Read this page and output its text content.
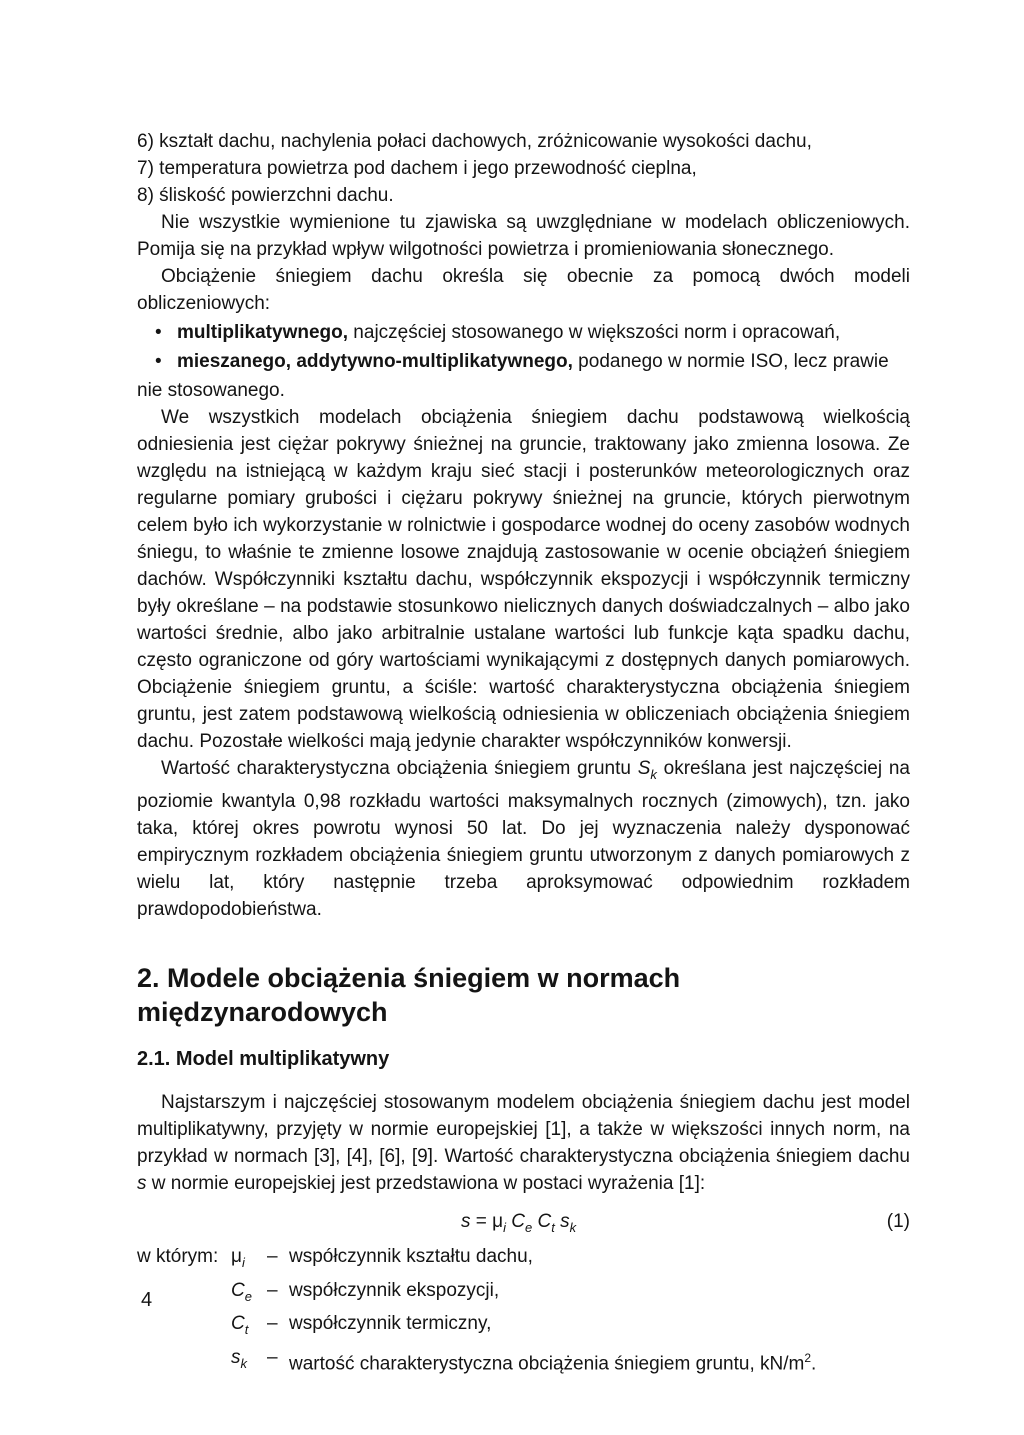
6) kształt dachu, nachylenia połaci dachowych, zróżnicowanie wysokości dachu,

7) temperatura powietrza pod dachem i jego przewodność cieplna,

8) śliskość powierzchni dachu.

Nie wszystkie wymienione tu zjawiska są uwzględniane w modelach obliczeniowych. Pomija się na przykład wpływ wilgotności powietrza i promieniowania słonecznego.

Obciążenie śniegiem dachu określa się obecnie za pomocą dwóch modeli obliczeniowych:

• multiplikatywnego, najczęściej stosowanego w większości norm i opracowań,
• mieszanego, addytywno-multiplikatywnego, podanego w normie ISO, lecz prawie

nie stosowanego.

We wszystkich modelach obciążenia śniegiem dachu podstawową wielkością odniesienia jest ciężar pokrywy śnieżnej na gruncie, traktowany jako zmienna losowa. Ze względu na istniejącą w każdym kraju sieć stacji i posterunków meteorologicznych oraz regularne pomiary grubości i ciężaru pokrywy śnieżnej na gruncie, których pierwotnym celem było ich wykorzystanie w rolnictwie i gospodarce wodnej do oceny zasobów wodnych śniegu, to właśnie te zmienne losowe znajdują zastosowanie w ocenie obciążeń śniegiem dachów. Współczynniki kształtu dachu, współczynnik ekspozycji i współczynnik termiczny były określane – na podstawie stosunkowo nielicznych danych doświadczalnych – albo jako wartości średnie, albo jako arbitralnie ustalane wartości lub funkcje kąta spadku dachu, często ograniczone od góry wartościami wynikającymi z dostępnych danych pomiarowych. Obciążenie śniegiem gruntu, a ściśle: wartość charakterystyczna obciążenia śniegiem gruntu, jest zatem podstawową wielkością odniesienia w obliczeniach obciążenia śniegiem dachu. Pozostałe wielkości mają jedynie charakter współczynników konwersji.

Wartość charakterystyczna obciążenia śniegiem gruntu $S_k$ określana jest najczęściej na poziomie kwantyla 0,98 rozkładu wartości maksymalnych rocznych (zimowych), tzn. jako taka, której okres powrotu wynosi 50 lat. Do jej wyznaczenia należy dysponować empirycznym rozkładem obciążenia śniegiem gruntu utworzonym z danych pomiarowych z wielu lat, który następnie trzeba aproksymować odpowiednim rozkładem prawdopodobieństwa.

2. Modele obciążenia śniegiem w normach międzynarodowych
2.1. Model multiplikatywny

Najstarszym i najczęściej stosowanym modelem obciążenia śniegiem dachu jest model multiplikatywny, przyjęty w normie europejskiej [1], a także w większości innych norm, na przykład w normach [3], [4], [6], [9]. Wartość charakterystyczna obciążenia śniegiem dachu s w normie europejskiej jest przedstawiona w postaci wyrażenia [1]:

$s = \mu_i$ $C_e$ $C_t$ $s_k$	(1)
w którym: $\mu_i$	– współczynnik kształtu dachu,
$C_e$ – współczynnik ekspozycji,
$C_t$ – współczynnik termiczny,
$s_k$	– wartość charakterystyczna obciążenia śniegiem gruntu, $kN/m^2$.
4
